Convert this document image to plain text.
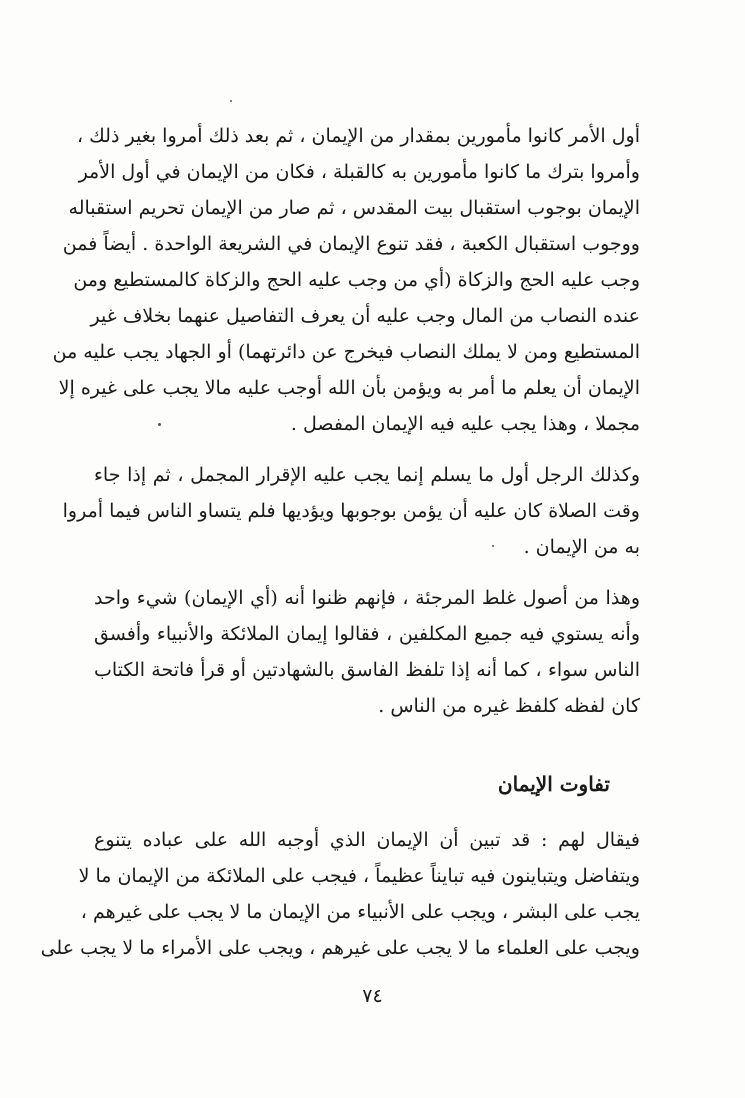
أول الأمر كانوا مأمورين بمقدار من الإيمان ، ثم بعد ذلك أمروا بغير ذلك ،
وأمروا بترك ما كانوا مأمورين به كالقبلة ، فكان من الإيمان في أول الأمر
الإيمان بوجوب استقبال بيت المقدس ، ثم صار من الإيمان تحريم استقباله
ووجوب استقبال الكعبة ، فقد تنوع الإيمان في الشريعة الواحدة . أيضاً فمن
وجب عليه الحج والزكاة (أي من وجب عليه الحج والزكاة كالمستطيع ومن
عنده النصاب من المال وجب عليه أن يعرف التفاصيل عنهما بخلاف غير
المستطيع ومن لا يملك النصاب فيخرج عن دائرتهما) أو الجهاد يجب عليه من
الإيمان أن يعلم ما أمر به ويؤمن بأن الله أوجب عليه مالا يجب على غيره إلا
مجملا ، وهذا يجب عليه فيه الإيمان المفصل .
وكذلك الرجل أول ما يسلم إنما يجب عليه الإقرار المجمل ، ثم إذا جاء
وقت الصلاة كان عليه أن يؤمن بوجوبها ويؤديها فلم يتساو الناس فيما أمروا
به من الإيمان .
وهذا من أصول غلط المرجئة ، فإنهم ظنوا أنه (أي الإيمان) شيء واحد
وأنه يستوي فيه جميع المكلفين ، فقالوا إيمان الملائكة والأنبياء وأفسق
الناس سواء ، كما أنه إذا تلفظ الفاسق بالشهادتين أو قرأ فاتحة الكتاب
كان لفظه كلفظ غيره من الناس .
تفاوت الإيمان
فيقال لهم : قد تبين أن الإيمان الذي أوجبه الله على عباده يتنوع
ويتفاضل ويتباينون فيه تبايناً عظيماً ، فيجب على الملائكة من الإيمان ما لا
يجب على البشر ، ويجب على الأنبياء من الإيمان ما لا يجب على غيرهم ،
ويجب على العلماء ما لا يجب على غيرهم ، ويجب على الأمراء ما لا يجب على
٧٤
